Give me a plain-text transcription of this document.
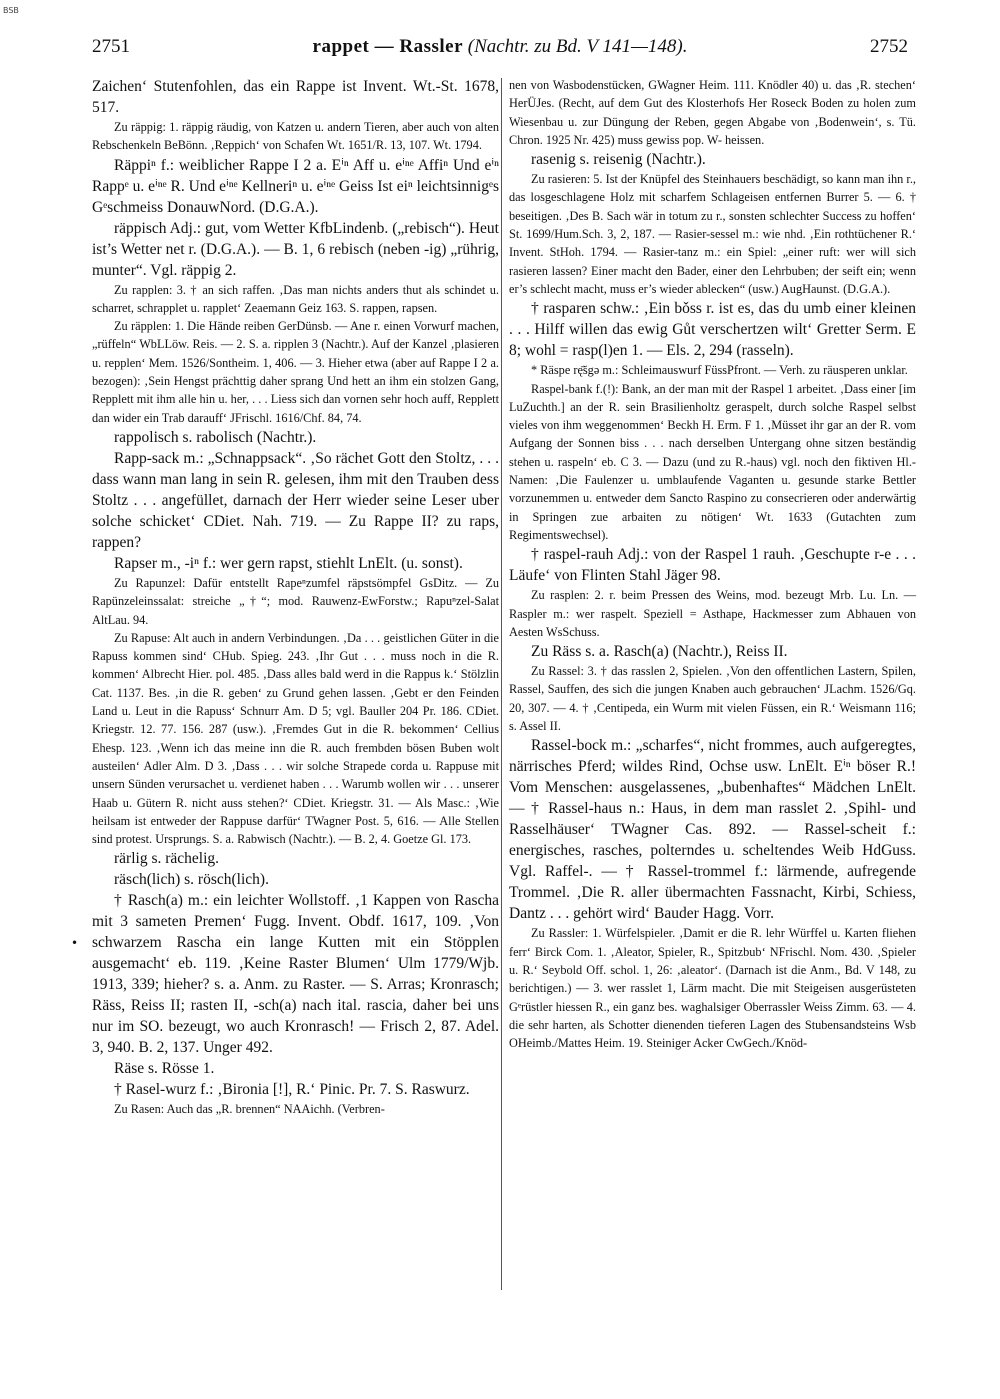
BSB
2751	rappet — Rassler (Nachtr. zu Bd. V 141—148).	2752
•

Zaichen‘ Stutenfohlen, das ein Rappe ist Invent. Wt.-St. 1678, 517.

Zu räppig: 1. räppig räudig, von Katzen u. andern Tieren, aber auch von alten Rebschenkeln BeBönn. ‚Reppich‘ von Schafen Wt. 1651/R. 13, 107. Wt. 1794.

Räppiⁿ f.: weiblicher Rappe I 2 a. Eⁱⁿ Aff u. eⁱⁿᵉ Affiⁿ Und eⁱⁿ Rappᵉ u. eⁱⁿᵉ R. Und eⁱⁿᵉ Kellneriⁿ u. eⁱⁿᵉ Geiss Ist eiⁿ leichtsinnigᵉs Gᵉschmeiss DonauwNord. (D.G.A.).

räppisch Adj.: gut, vom Wetter KfbLindenb. („rebisch“). Heut ist’s Wetter net r. (D.G.A.). — B. 1, 6 rebisch (neben -ig) „rührig, munter“. Vgl. räppig 2.

Zu rapplen: 3. † an sich raffen. ‚Das man nichts anders thut als schindet u. scharret, schrapplet u. rapplet‘ Zeaemann Geiz 163. S. rappen, rapsen.

Zu räpplen: 1. Die Hände reiben GerDünsb. — Ane r. einen Vorwurf machen, „rüffeln“ WbLLöw. Reis. — 2. S. a. ripplen 3 (Nachtr.). Auf der Kanzel ‚plasieren u. repplen‘ Mem. 1526/Sontheim. 1, 406. — 3. Hieher etwa (aber auf Rappe I 2 a. bezogen): ‚Sein Hengst prächttig daher sprang Und hett an ihm ein stolzen Gang, Repplett mit ihm alle hin u. her, . . . Liess sich dan vornen sehr hoch auff, Repplett dan wider ein Trab darauff‘ JFrischl. 1616/Chf. 84, 74.

rappolisch s. rabolisch (Nachtr.).

Rapp-sack m.: „Schnappsack“. ‚So rächet Gott den Stoltz, . . . dass wann man lang in sein R. gelesen, ihm mit den Trauben dess Stoltz . . . angefüllet, darnach der Herr wieder seine Leser uber solche schicket‘ CDiet. Nah. 719. — Zu Rappe II? zu raps, rappen?

Rapser m., -iⁿ f.: wer gern rapst, stiehlt LnElt. (u. sonst).

Zu Rapunzel: Dafür entstellt Rapeⁿzumfel räpstsömpfel GsDitz. — Zu Rapünzeleinssalat: streiche „†“; mod. Rauwenz-EwForstw.; Rapuⁿzel-Salat AltLau. 94.

Zu Rapuse: Alt auch in andern Verbindungen. ‚Da . . . geistlichen Güter in die Rapuss kommen sind‘ CHub. Spieg. 243. ‚Ihr Gut . . . muss noch in die R. kommen‘ Albrecht Hier. pol. 485. ‚Dass alles bald werd in die Rappus k.‘ Stölzlin Cat. 1137. Bes. ‚in die R. geben‘ zu Grund gehen lassen. ‚Gebt er den Feinden Land u. Leut in die Rapuss‘ Schnurr Am. D 5; vgl. Bauller 204 Pr. 186. CDiet. Kriegstr. 12. 77. 156. 287 (usw.). ‚Fremdes Gut in die R. bekommen‘ Cellius Ehesp. 123. ‚Wenn ich das meine inn die R. auch frembden bösen Buben wolt austeilen‘ Adler Alm. D 3. ‚Dass . . . wir solche Strapede corda u. Rappuse mit unsern Sünden verursachet u. verdienet haben . . . Warumb wollen wir . . . unserer Haab u. Gütern R. nicht auss stehen?‘ CDiet. Kriegstr. 31. — Als Masc.: ‚Wie heilsam ist entweder der Rappuse darfür‘ TWagner Post. 5, 616. — Alle Stellen sind protest. Ursprungs. S. a. Rabwisch (Nachtr.). — B. 2, 4. Goetze Gl. 173.

rärlig s. rächelig.

räsch(lich) s. rösch(lich).

† Rasch(a) m.: ein leichter Wollstoff. ‚1 Kappen von Rascha mit 3 sameten Premen‘ Fugg. Invent. Obdf. 1617, 109. ‚Von schwarzem Rascha ein lange Kutten mit ein Stöpplen ausgemacht‘ eb. 119. ‚Keine Raster Blumen‘ Ulm 1779/Wjb. 1913, 339; hieher? s. a. Anm. zu Raster. — S. Arras; Kronrasch; Räss, Reiss II; rasten II, -sch(a) nach ital. rascia, daher bei uns nur im SO. bezeugt, wo auch Kronrasch! — Frisch 2, 87. Adel. 3, 940. B. 2, 137. Unger 492.

Räse s. Rösse 1.

† Rasel-wurz f.: ‚Bironia [!], R.‘ Pinic. Pr. 7. S. Raswurz.

Zu Rasen: Auch das „R. brennen“ NAAichh. (Verbren-

nen von Wasbodenstücken, GWagner Heim. 111. Knödler 40) u. das ‚R. stechen‘ HerÜJes. (Recht, auf dem Gut des Klosterhofs Her Roseck Boden zu holen zum Wiesenbau u. zur Düngung der Reben, gegen Abgabe von ‚Bodenwein‘, s. Tü. Chron. 1925 Nr. 425) muss gewiss pop. W- heissen.

rasenig s. reisenig (Nachtr.).

Zu rasieren: 5. Ist der Knüpfel des Steinhauers beschädigt, so kann man ihn r., das losgeschlagene Holz mit scharfem Schlageisen entfernen Burrer 5. — 6. † beseitigen. ‚Des B. Sach wär in totum zu r., sonsten schlechter Success zu hoffen‘ St. 1699/Hum.Sch. 3, 2, 187. — Rasier-sessel m.: wie nhd. ‚Ein rothtüchener R.‘ Invent. StHoh. 1794. — Rasier-tanz m.: ein Spiel: „einer ruft: wer will sich rasieren lassen? Einer macht den Bader, einer den Lehrbuben; der seift ein; wenn er’s schlecht macht, muss er’s wieder ablecken“ (usw.) AugHaunst. (D.G.A.).

† rasparen schw.: ‚Ein bǒss r. ist es, das du umb einer kleinen . . . Hilff willen das ewig Gůt verschertzen wilt‘ Gretter Serm. E 8; wohl = rasp(l)en 1. — Els. 2, 294 (rasseln).

* Räspe rę̄šgə m.: Schleimauswurf FüssPfront. — Verh. zu räusperen unklar.

Raspel-bank f.(!): Bank, an der man mit der Raspel 1 arbeitet. ‚Dass einer [im LuZuchth.] an der R. sein Brasilienholtz geraspelt, durch solche Raspel selbst vieles von ihm weggenommen‘ Beckh H. Erm. F 1. ‚Müsset ihr gar an der R. vom Aufgang der Sonnen biss . . . nach derselben Untergang ohne sitzen beständig stehen u. raspeln‘ eb. C 3. — Dazu (und zu R.-haus) vgl. noch den fiktiven Hl.-Namen: ‚Die Faulenzer u. umblaufende Vaganten u. gesunde starke Bettler vorzunemmen u. entweder dem Sancto Raspino zu consecrieren oder anderwärtig in Springen zue arbaiten zu nötigen‘ Wt. 1633 (Gutachten zum Regimentswechsel).

† raspel-rauh Adj.: von der Raspel 1 rauh. ‚Geschupte r-e . . . Läufe‘ von Flinten Stahl Jäger 98.

Zu rasplen: 2. r. beim Pressen des Weins, mod. bezeugt Mrb. Lu. Ln. — Raspler m.: wer raspelt. Speziell = Asthape, Hackmesser zum Abhauen von Aesten WsSchuss.

Zu Räss s. a. Rasch(a) (Nachtr.), Reiss II.

Zu Rassel: 3. † das rasslen 2, Spielen. ‚Von den offentlichen Lastern, Spilen, Rassel, Sauffen, des sich die jungen Knaben auch gebrauchen‘ JLachm. 1526/Gq. 20, 307. — 4. † ‚Centipeda, ein Wurm mit vielen Füssen, ein R.‘ Weismann 116; s. Assel II.

Rassel-bock m.: „scharfes“, nicht frommes, auch aufgeregtes, närrisches Pferd; wildes Rind, Ochse usw. LnElt. Eⁱⁿ böser R.! Vom Menschen: ausgelassenes, „bubenhaftes“ Mädchen LnElt. — † Rassel-haus n.: Haus, in dem man rasslet 2. ‚Spihl- und Rasselhäuser‘ TWagner Cas. 892. — Rassel-scheit f.: energisches, rasches, polterndes u. scheltendes Weib HdGuss. Vgl. Raffel-. — † Rassel-trommel f.: lärmende, aufregende Trommel. ‚Die R. aller übermachten Fassnacht, Kirbi, Schiess, Dantz . . . gehört wird‘ Bauder Hagg. Vorr.

Zu Rassler: 1. Würfelspieler. ‚Damit er die R. lehr Würffel u. Karten fliehen ferr‘ Birck Com. 1. ‚Aleator, Spieler, R., Spitzbub‘ NFrischl. Nom. 430. ‚Spieler u. R.‘ Seybold Off. schol. 1, 26: ‚aleator‘. (Darnach ist die Anm., Bd. V 148, zu berichtigen.) — 3. wer rasslet 1, Lärm macht. Die mit Steigeisen ausgerüsteten Gᵉrüstler hiessen R., ein ganz bes. waghalsiger Oberrassler Weiss Zimm. 63. — 4. die sehr harten, als Schotter dienenden tieferen Lagen des Stubensandsteins Wsb OHeimb./Mattes Heim. 19. Steiniger Acker CwGech./Knöd-
